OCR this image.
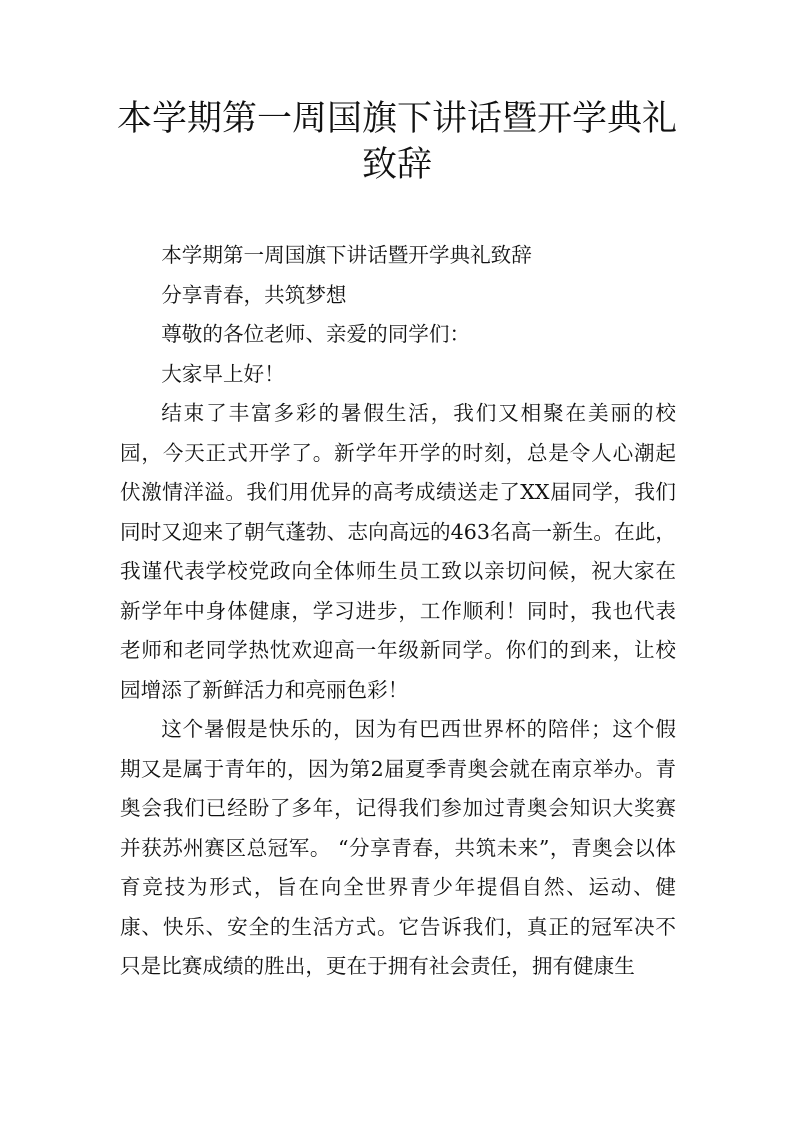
本学期第一周国旗下讲话暨开学典礼致辞

本学期第一周国旗下讲话暨开学典礼致辞

分享青春，共筑梦想

尊敬的各位老师、亲爱的同学们：

大家早上好！

结束了丰富多彩的暑假生活，我们又相聚在美丽的校园，今天正式开学了。新学年开学的时刻，总是令人心潮起伏激情洋溢。我们用优异的高考成绩送走了XX届同学，我们同时又迎来了朝气蓬勃、志向高远的463名高一新生。在此，我谨代表学校党政向全体师生员工致以亲切问候，祝大家在新学年中身体健康，学习进步，工作顺利！同时，我也代表老师和老同学热忱欢迎高一年级新同学。你们的到来，让校园增添了新鲜活力和亮丽色彩！

这个暑假是快乐的，因为有巴西世界杯的陪伴；这个假期又是属于青年的，因为第2届夏季青奥会就在南京举办。青奥会我们已经盼了多年，记得我们参加过青奥会知识大奖赛并获苏州赛区总冠军。 “分享青春，共筑未来”，青奥会以体育竞技为形式，旨在向全世界青少年提倡自然、运动、健康、快乐、安全的生活方式。它告诉我们，真正的冠军决不只是比赛成绩的胜出，更在于拥有社会责任，拥有健康生
